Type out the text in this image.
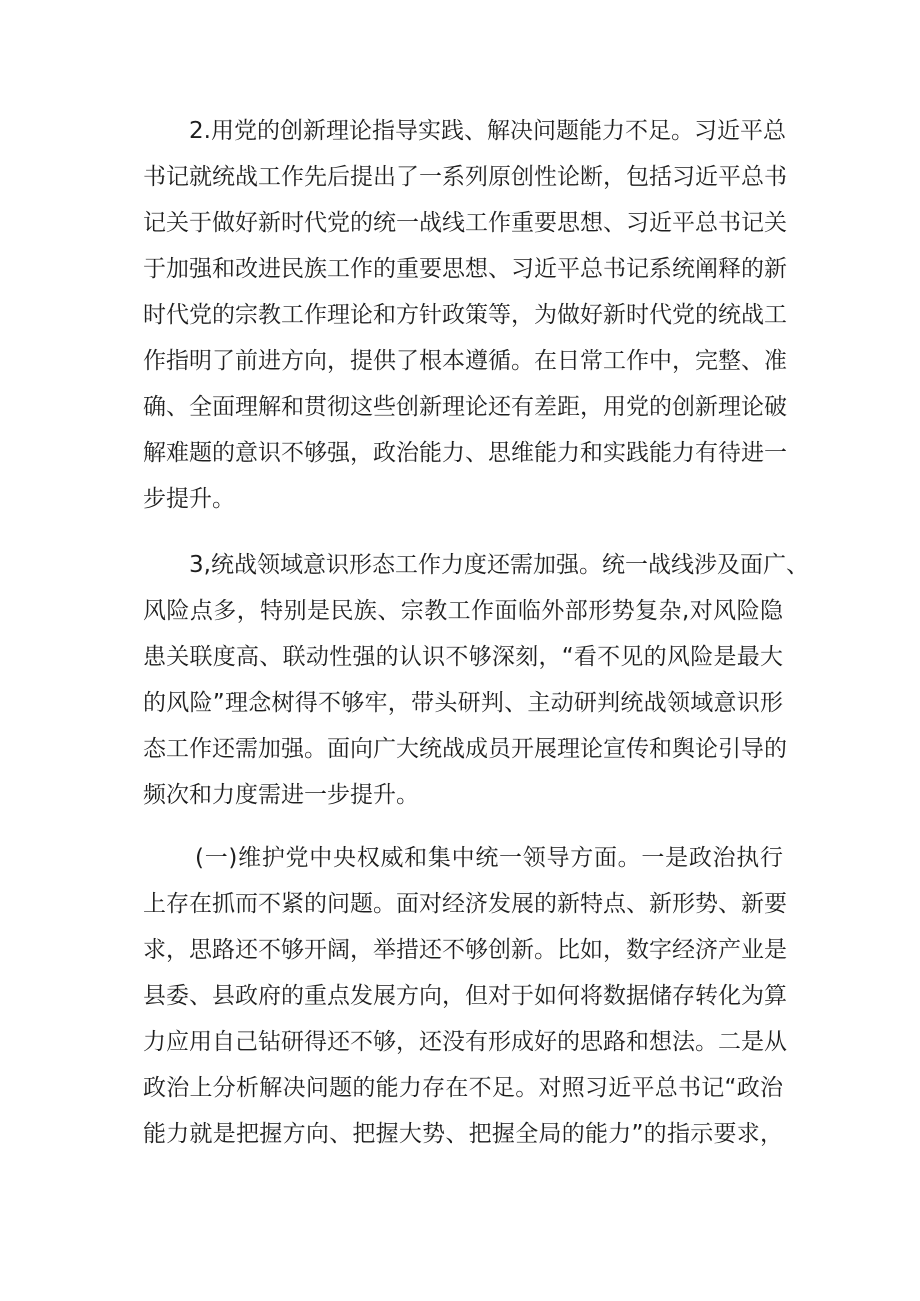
2.用党的创新理论指导实践、解决问题能力不足。习近平总
书记就统战工作先后提出了一系列原创性论断，包括习近平总书
记关于做好新时代党的统一战线工作重要思想、习近平总书记关
于加强和改进民族工作的重要思想、习近平总书记系统阐释的新
时代党的宗教工作理论和方针政策等，为做好新时代党的统战工
作指明了前进方向，提供了根本遵循。在日常工作中，完整、准
确、全面理解和贯彻这些创新理论还有差距，用党的创新理论破
解难题的意识不够强，政治能力、思维能力和实践能力有待进一
步提升。
3,统战领域意识形态工作力度还需加强。统一战线涉及面广、
风险点多，特别是民族、宗教工作面临外部形势复杂,对风险隐
患关联度高、联动性强的认识不够深刻，“看不见的风险是最大
的风险”理念树得不够牢，带头研判、主动研判统战领域意识形
态工作还需加强。面向广大统战成员开展理论宣传和舆论引导的
频次和力度需进一步提升。
(一)维护党中央权威和集中统一领导方面。一是政治执行
上存在抓而不紧的问题。面对经济发展的新特点、新形势、新要
求，思路还不够开阔，举措还不够创新。比如，数字经济产业是
县委、县政府的重点发展方向，但对于如何将数据储存转化为算
力应用自己钻研得还不够，还没有形成好的思路和想法。二是从
政治上分析解决问题的能力存在不足。对照习近平总书记“政治
能力就是把握方向、把握大势、把握全局的能力”的指示要求，
